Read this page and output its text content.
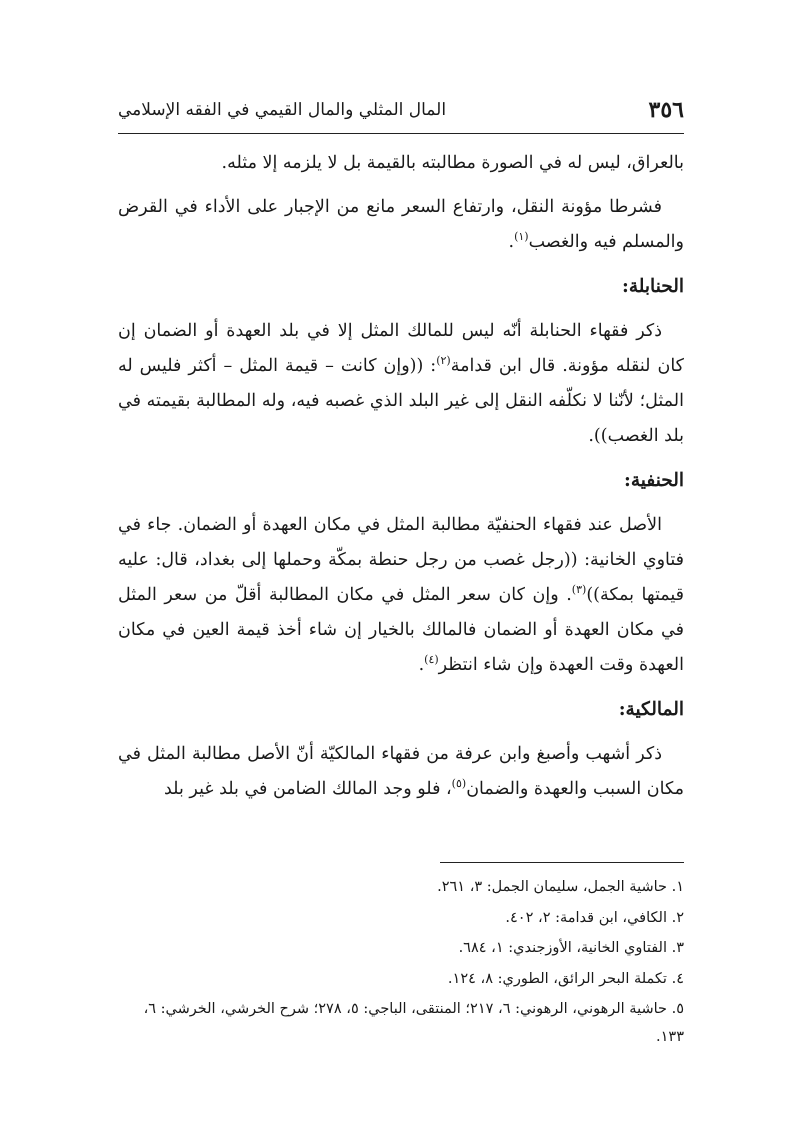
٣٥٦
المال المثلي والمال القيمي في الفقه الإسلامي

بالعراق، ليس له في الصورة مطالبته بالقيمة بل لا يلزمه إلا مثله.

فشرطا مؤونة النقل، وارتفاع السعر مانع من الإجبار على الأداء في القرض والمسلم فيه والغصب$^{(١)}$.

الحنابلة:

ذكر فقهاء الحنابلة أنّه ليس للمالك المثل إلا في بلد العهدة أو الضمان إن كان لنقله مؤونة. قال ابن قدامة$^{(٢)}$: ((وإن كانت – قيمة المثل – أكثر فليس له المثل؛ لأنّنا لا نكلّفه النقل إلى غير البلد الذي غصبه فيه، وله المطالبة بقيمته في بلد الغصب)).

الحنفية:

الأصل عند فقهاء الحنفيّة مطالبة المثل في مكان العهدة أو الضمان. جاء في فتاوي الخانية: ((رجل غصب من رجل حنطة بمكّة وحملها إلى بغداد، قال: عليه قيمتها بمكة))$^{(٣)}$. وإن كان سعر المثل في مكان المطالبة أقلّ من سعر المثل في مكان العهدة أو الضمان فالمالك بالخيار إن شاء أخذ قيمة العين في مكان العهدة وقت العهدة وإن شاء انتظر$^{(٤)}$.

المالكية:

ذكر أشهب وأصبغ وابن عرفة من فقهاء المالكيّة أنّ الأصل مطالبة المثل في مكان السبب والعهدة والضمان$^{(٥)}$، فلو وجد المالك الضامن في بلد غير بلد

١. حاشية الجمل، سليمان الجمل: ٣، ٢٦١.

٢. الكافي، ابن قدامة: ٢، ٤٠٢.

٣. الفتاوي الخانية، الأوزجندي: ١، ٦٨٤.

٤. تكملة البحر الرائق، الطوري: ٨، ١٢٤.

٥. حاشية الرهوني، الرهوني: ٦، ٢١٧؛ المنتقى، الباجي: ٥، ٢٧٨؛ شرح الخرشي، الخرشي: ٦، ١٣٣.
